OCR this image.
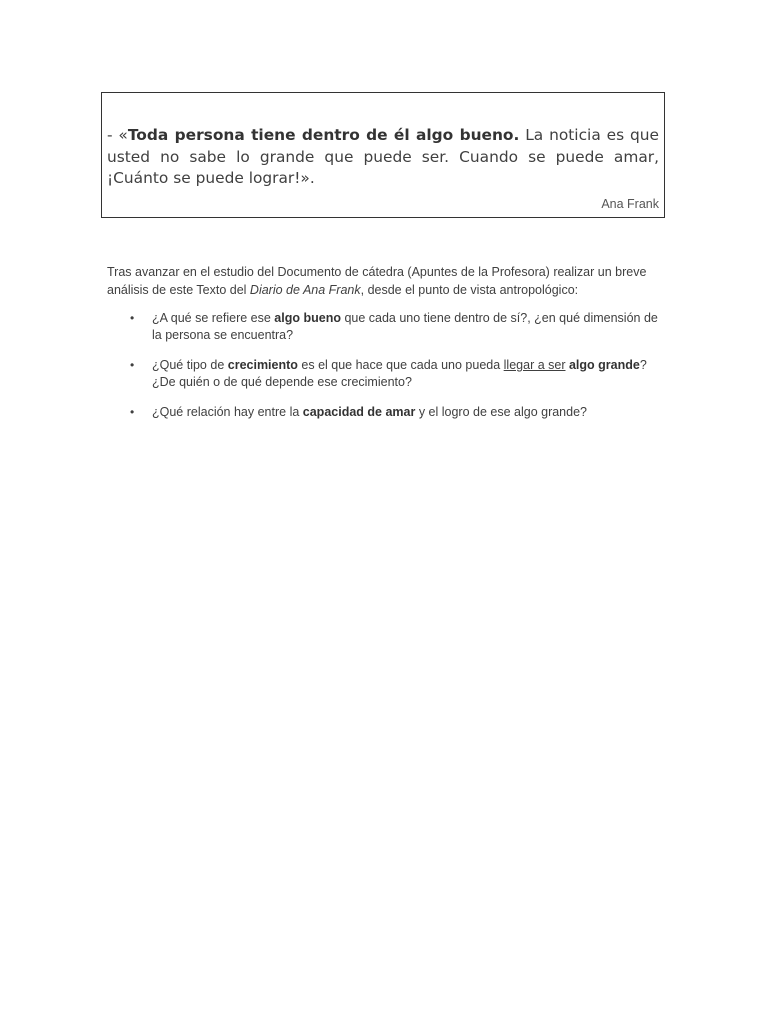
- «Toda persona tiene dentro de él algo bueno. La noticia es que usted no sabe lo grande que puede ser. Cuando se puede amar, ¡Cuánto se puede lograr!».

Ana Frank

Tras avanzar en el estudio del Documento de cátedra (Apuntes de la Profesora) realizar un breve análisis de este Texto del Diario de Ana Frank, desde el punto de vista antropológico:

• ¿A qué se refiere ese algo bueno que cada uno tiene dentro de sí?, ¿en qué dimensión de la persona se encuentra?
• ¿Qué tipo de crecimiento es el que hace que cada uno pueda llegar a ser algo grande? ¿De quién o de qué depende ese crecimiento?
• ¿Qué relación hay entre la capacidad de amar y el logro de ese algo grande?
